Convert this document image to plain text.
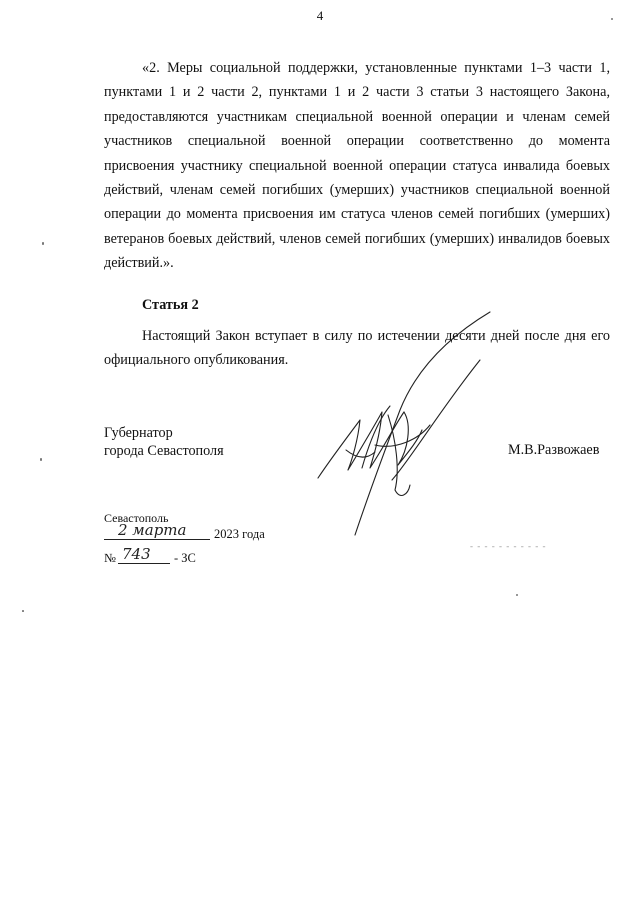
4

«2. Меры социальной поддержки, установленные пунктами 1–3 части 1, пунктами 1 и 2 части 2, пунктами 1 и 2 части 3 статьи 3 настоящего Закона, предоставляются участникам специальной военной операции и членам семей участников специальной военной операции соответственно до момента присвоения участнику специальной военной операции статуса инвалида боевых действий, членам семей погибших (умерших) участников специальной военной операции до момента присвоения им статуса членов семей погибших (умерших) ветеранов боевых действий, членов семей погибших (умерших) инвалидов боевых действий.».

Статья 2

Настоящий Закон вступает в силу по истечении десяти дней после дня его официального опубликования.

Губернатор
города Севастополя	М.В.Развожаев
Севастополь
2 марта 2023 года
№ 743 - ЗС
- - - - - - - - - - -
